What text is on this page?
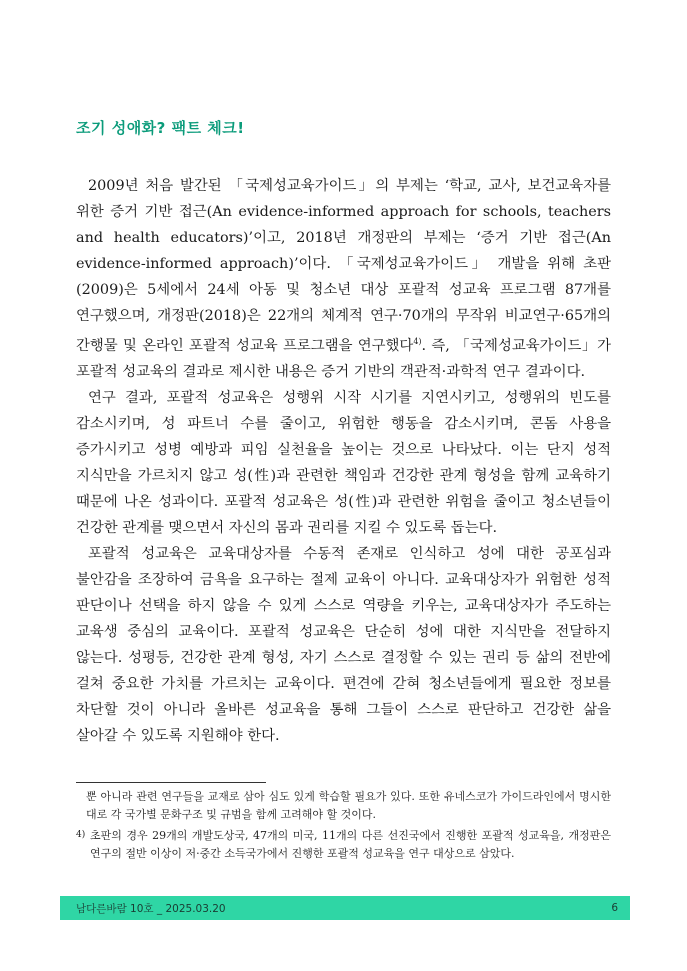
조기 성애화? 팩트 체크!

2009년 처음 발간된 「국제성교육가이드」의 부제는 ‘학교, 교사, 보건교육자를 위한 증거 기반 접근(An evidence-informed approach for schools, teachers and health educators)’이고, 2018년 개정판의 부제는 ‘증거 기반 접근(An evidence-informed approach)’이다. 「국제성교육가이드」 개발을 위해 초판(2009)은 5세에서 24세 아동 및 청소년 대상 포괄적 성교육 프로그램 87개를 연구했으며, 개정판(2018)은 22개의 체계적 연구·70개의 무작위 비교연구·65개의 간행물 및 온라인 포괄적 성교육 프로그램을 연구했다$^{4)}$. 즉, 「국제성교육가이드」가 포괄적 성교육의 결과로 제시한 내용은 증거 기반의 객관적·과학적 연구 결과이다.

연구 결과, 포괄적 성교육은 성행위 시작 시기를 지연시키고, 성행위의 빈도를 감소시키며, 성 파트너 수를 줄이고, 위험한 행동을 감소시키며, 콘돔 사용을 증가시키고 성병 예방과 피임 실천율을 높이는 것으로 나타났다. 이는 단지 성적 지식만을 가르치지 않고 성(性)과 관련한 책임과 건강한 관계 형성을 함께 교육하기 때문에 나온 성과이다. 포괄적 성교육은 성(性)과 관련한 위험을 줄이고 청소년들이 건강한 관계를 맺으면서 자신의 몸과 권리를 지킬 수 있도록 돕는다.

포괄적 성교육은 교육대상자를 수동적 존재로 인식하고 성에 대한 공포심과 불안감을 조장하여 금욕을 요구하는 절제 교육이 아니다. 교육대상자가 위험한 성적 판단이나 선택을 하지 않을 수 있게 스스로 역량을 키우는, 교육대상자가 주도하는 교육생 중심의 교육이다. 포괄적 성교육은 단순히 성에 대한 지식만을 전달하지 않는다. 성평등, 건강한 관계 형성, 자기 스스로 결정할 수 있는 권리 등 삶의 전반에 걸쳐 중요한 가치를 가르치는 교육이다. 편견에 갇혀 청소년들에게 필요한 정보를 차단할 것이 아니라 올바른 성교육을 통해 그들이 스스로 판단하고 건강한 삶을 살아갈 수 있도록 지원해야 한다.

뿐 아니라 관련 연구들을 교재로 삼아 심도 있게 학습할 필요가 있다. 또한 유네스코가 가이드라인에서 명시한대로 각 국가별 문화구조 및 규범을 함께 고려해야 할 것이다.
4) 초판의 경우 29개의 개발도상국, 47개의 미국, 11개의 다른 선진국에서 진행한 포괄적 성교육을, 개정판은 연구의 절반 이상이 저·중간 소득국가에서 진행한 포괄적 성교육을 연구 대상으로 삼았다.
남다른바람 10호 _ 2025.03.20	6
